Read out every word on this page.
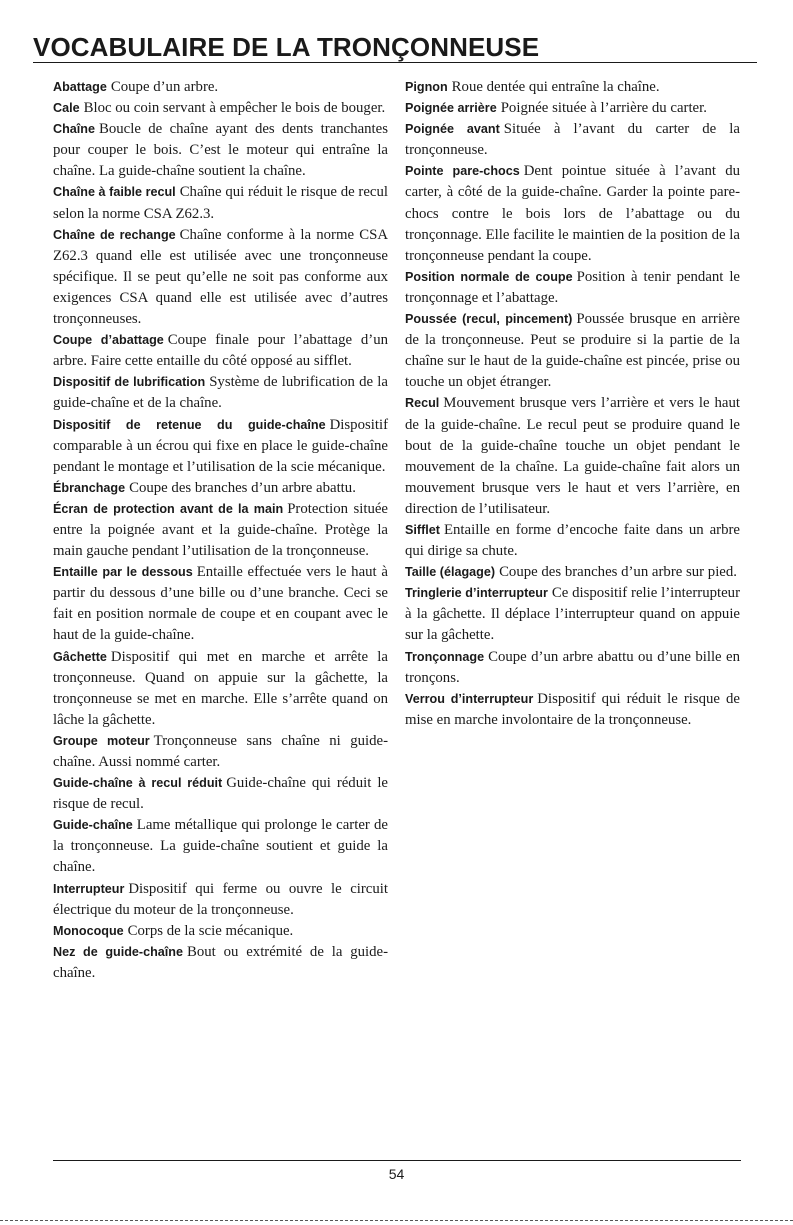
VOCABULAIRE DE LA TRONÇONNEUSE

Abattage Coupe d’un arbre.

Cale Bloc ou coin servant à empêcher le bois de bouger.

Chaîne Boucle de chaîne ayant des dents tranchantes pour couper le bois. C’est le moteur qui entraîne la chaîne. La guide-chaîne soutient la chaîne.

Chaîne à faible recul Chaîne qui réduit le risque de recul selon la norme CSA Z62.3.

Chaîne de rechange Chaîne conforme à la norme CSA Z62.3 quand elle est utilisée avec une tronçonneuse spécifique. Il se peut qu’elle ne soit pas conforme aux exigences CSA quand elle est utilisée avec d’autres tronçonneuses.

Coupe d’abattage Coupe finale pour l’abattage d’un arbre. Faire cette entaille du côté opposé au sifflet.

Dispositif de lubrification Système de lubrification de la guide-chaîne et de la chaîne.

Dispositif de retenue du guide-chaîne Dispositif comparable à un écrou qui fixe en place le guide-chaîne pendant le montage et l’utilisation de la scie mécanique.

Ébranchage Coupe des branches d’un arbre abattu.

Écran de protection avant de la main Protection située entre la poignée avant et la guide-chaîne. Protège la main gauche pendant l’utilisation de la tronçonneuse.

Entaille par le dessous Entaille effectuée vers le haut à partir du dessous d’une bille ou d’une branche. Ceci se fait en position normale de coupe et en coupant avec le haut de la guide-chaîne.

Gâchette Dispositif qui met en marche et arrête la tronçonneuse. Quand on appuie sur la gâchette, la tronçonneuse se met en marche. Elle s’arrête quand on lâche la gâchette.

Groupe moteur Tronçonneuse sans chaîne ni guide-chaîne. Aussi nommé carter.

Guide-chaîne à recul réduit Guide-chaîne qui réduit le risque de recul.

Guide-chaîne Lame métallique qui prolonge le carter de la tronçonneuse. La guide-chaîne soutient et guide la chaîne.

Interrupteur Dispositif qui ferme ou ouvre le circuit électrique du moteur de la tronçonneuse.

Monocoque Corps de la scie mécanique.

Nez de guide-chaîne Bout ou extrémité de la guide-chaîne.

Pignon Roue dentée qui entraîne la chaîne.

Poignée arrière Poignée située à l’arrière du carter.

Poignée avant Située à l’avant du carter de la tronçonneuse.

Pointe pare-chocs Dent pointue située à l’avant du carter, à côté de la guide-chaîne. Garder la pointe pare-chocs contre le bois lors de l’abattage ou du tronçonnage. Elle facilite le maintien de la position de la tronçonneuse pendant la coupe.

Position normale de coupe Position à tenir pendant le tronçonnage et l’abattage.

Poussée (recul, pincement) Poussée brusque en arrière de la tronçonneuse. Peut se produire si la partie de la chaîne sur le haut de la guide-chaîne est pincée, prise ou touche un objet étranger.

Recul Mouvement brusque vers l’arrière et vers le haut de la guide-chaîne. Le recul peut se produire quand le bout de la guide-chaîne touche un objet pendant le mouvement de la chaîne. La guide-chaîne fait alors un mouvement brusque vers le haut et vers l’arrière, en direction de l’utilisateur.

Sifflet Entaille en forme d’encoche faite dans un arbre qui dirige sa chute.

Taille (élagage) Coupe des branches d’un arbre sur pied.

Tringlerie d’interrupteur Ce dispositif relie l’interrupteur à la gâchette. Il déplace l’interrupteur quand on appuie sur la gâchette.

Tronçonnage Coupe d’un arbre abattu ou d’une bille en tronçons.

Verrou d’interrupteur Dispositif qui réduit le risque de mise en marche involontaire de la tronçonneuse.

54
